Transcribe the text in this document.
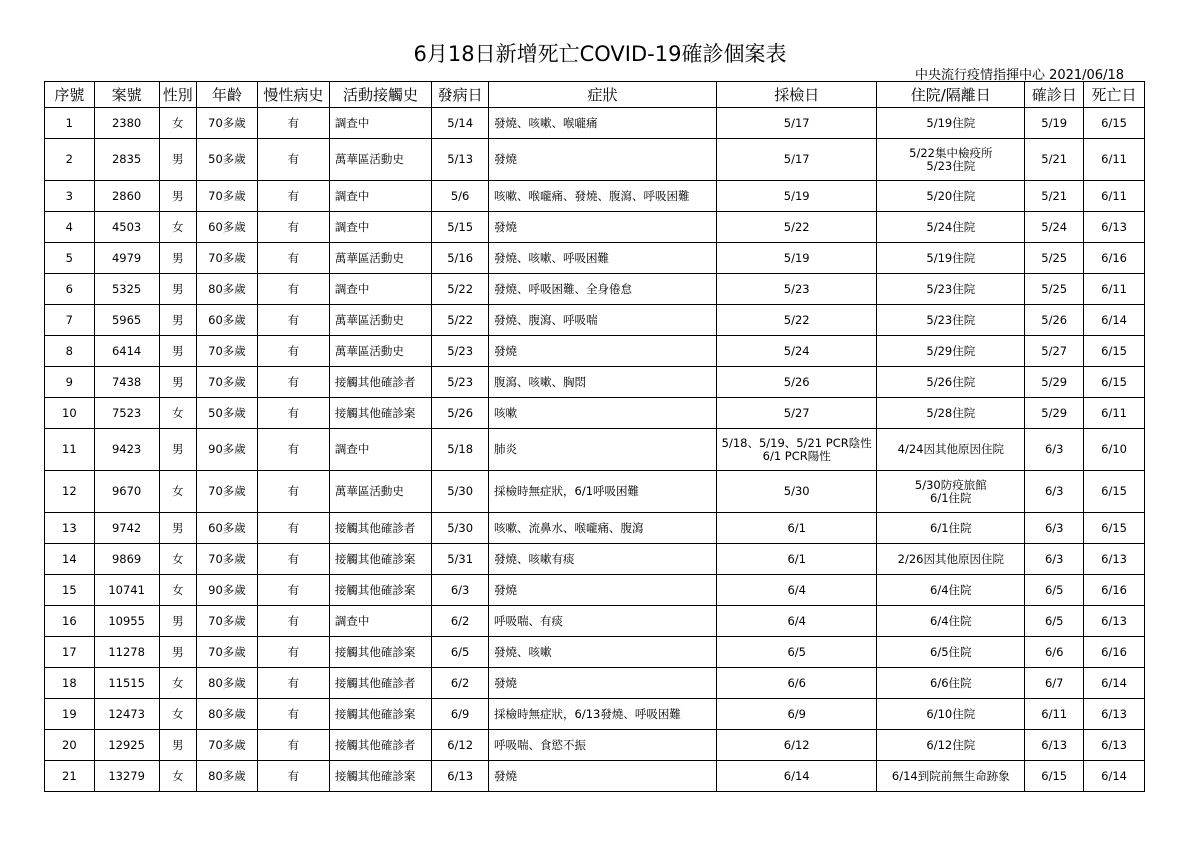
6月18日新增死亡COVID-19確診個案表
中央流行疫情指揮中心 2021/06/18
序號	案號	性別	年齡	慢性病史	活動接觸史	發病日	症狀	採檢日	住院/隔離日	確診日	死亡日
1	2380	女	70多歲	有	調查中	5/14	發燒、咳嗽、喉嚨痛	5/17	5/19住院	5/19	6/15
2	2835	男	50多歲	有	萬華區活動史	5/13	發燒	5/17	5/22集中檢疫所
5/23住院	5/21	6/11
3	2860	男	70多歲	有	調查中	5/6	咳嗽、喉嚨痛、發燒、腹瀉、呼吸困難	5/19	5/20住院	5/21	6/11
4	4503	女	60多歲	有	調查中	5/15	發燒	5/22	5/24住院	5/24	6/13
5	4979	男	70多歲	有	萬華區活動史	5/16	發燒、咳嗽、呼吸困難	5/19	5/19住院	5/25	6/16
6	5325	男	80多歲	有	調查中	5/22	發燒、呼吸困難、全身倦怠	5/23	5/23住院	5/25	6/11
7	5965	男	60多歲	有	萬華區活動史	5/22	發燒、腹瀉、呼吸喘	5/22	5/23住院	5/26	6/14
8	6414	男	70多歲	有	萬華區活動史	5/23	發燒	5/24	5/29住院	5/27	6/15
9	7438	男	70多歲	有	接觸其他確診者	5/23	腹瀉、咳嗽、胸悶	5/26	5/26住院	5/29	6/15
10	7523	女	50多歲	有	接觸其他確診案	5/26	咳嗽	5/27	5/28住院	5/29	6/11
11	9423	男	90多歲	有	調查中	5/18	肺炎	5/18、5/19、5/21 PCR陰性
6/1 PCR陽性	4/24因其他原因住院	6/3	6/10
12	9670	女	70多歲	有	萬華區活動史	5/30	採檢時無症狀，6/1呼吸困難	5/30	5/30防疫旅館
6/1住院	6/3	6/15
13	9742	男	60多歲	有	接觸其他確診者	5/30	咳嗽、流鼻水、喉嚨痛、腹瀉	6/1	6/1住院	6/3	6/15
14	9869	女	70多歲	有	接觸其他確診案	5/31	發燒、咳嗽有痰	6/1	2/26因其他原因住院	6/3	6/13
15	10741	女	90多歲	有	接觸其他確診案	6/3	發燒	6/4	6/4住院	6/5	6/16
16	10955	男	70多歲	有	調查中	6/2	呼吸喘、有痰	6/4	6/4住院	6/5	6/13
17	11278	男	70多歲	有	接觸其他確診案	6/5	發燒、咳嗽	6/5	6/5住院	6/6	6/16
18	11515	女	80多歲	有	接觸其他確診者	6/2	發燒	6/6	6/6住院	6/7	6/14
19	12473	女	80多歲	有	接觸其他確診案	6/9	採檢時無症狀，6/13發燒、呼吸困難	6/9	6/10住院	6/11	6/13
20	12925	男	70多歲	有	接觸其他確診者	6/12	呼吸喘、食慾不振	6/12	6/12住院	6/13	6/13
21	13279	女	80多歲	有	接觸其他確診案	6/13	發燒	6/14	6/14到院前無生命跡象	6/15	6/14
